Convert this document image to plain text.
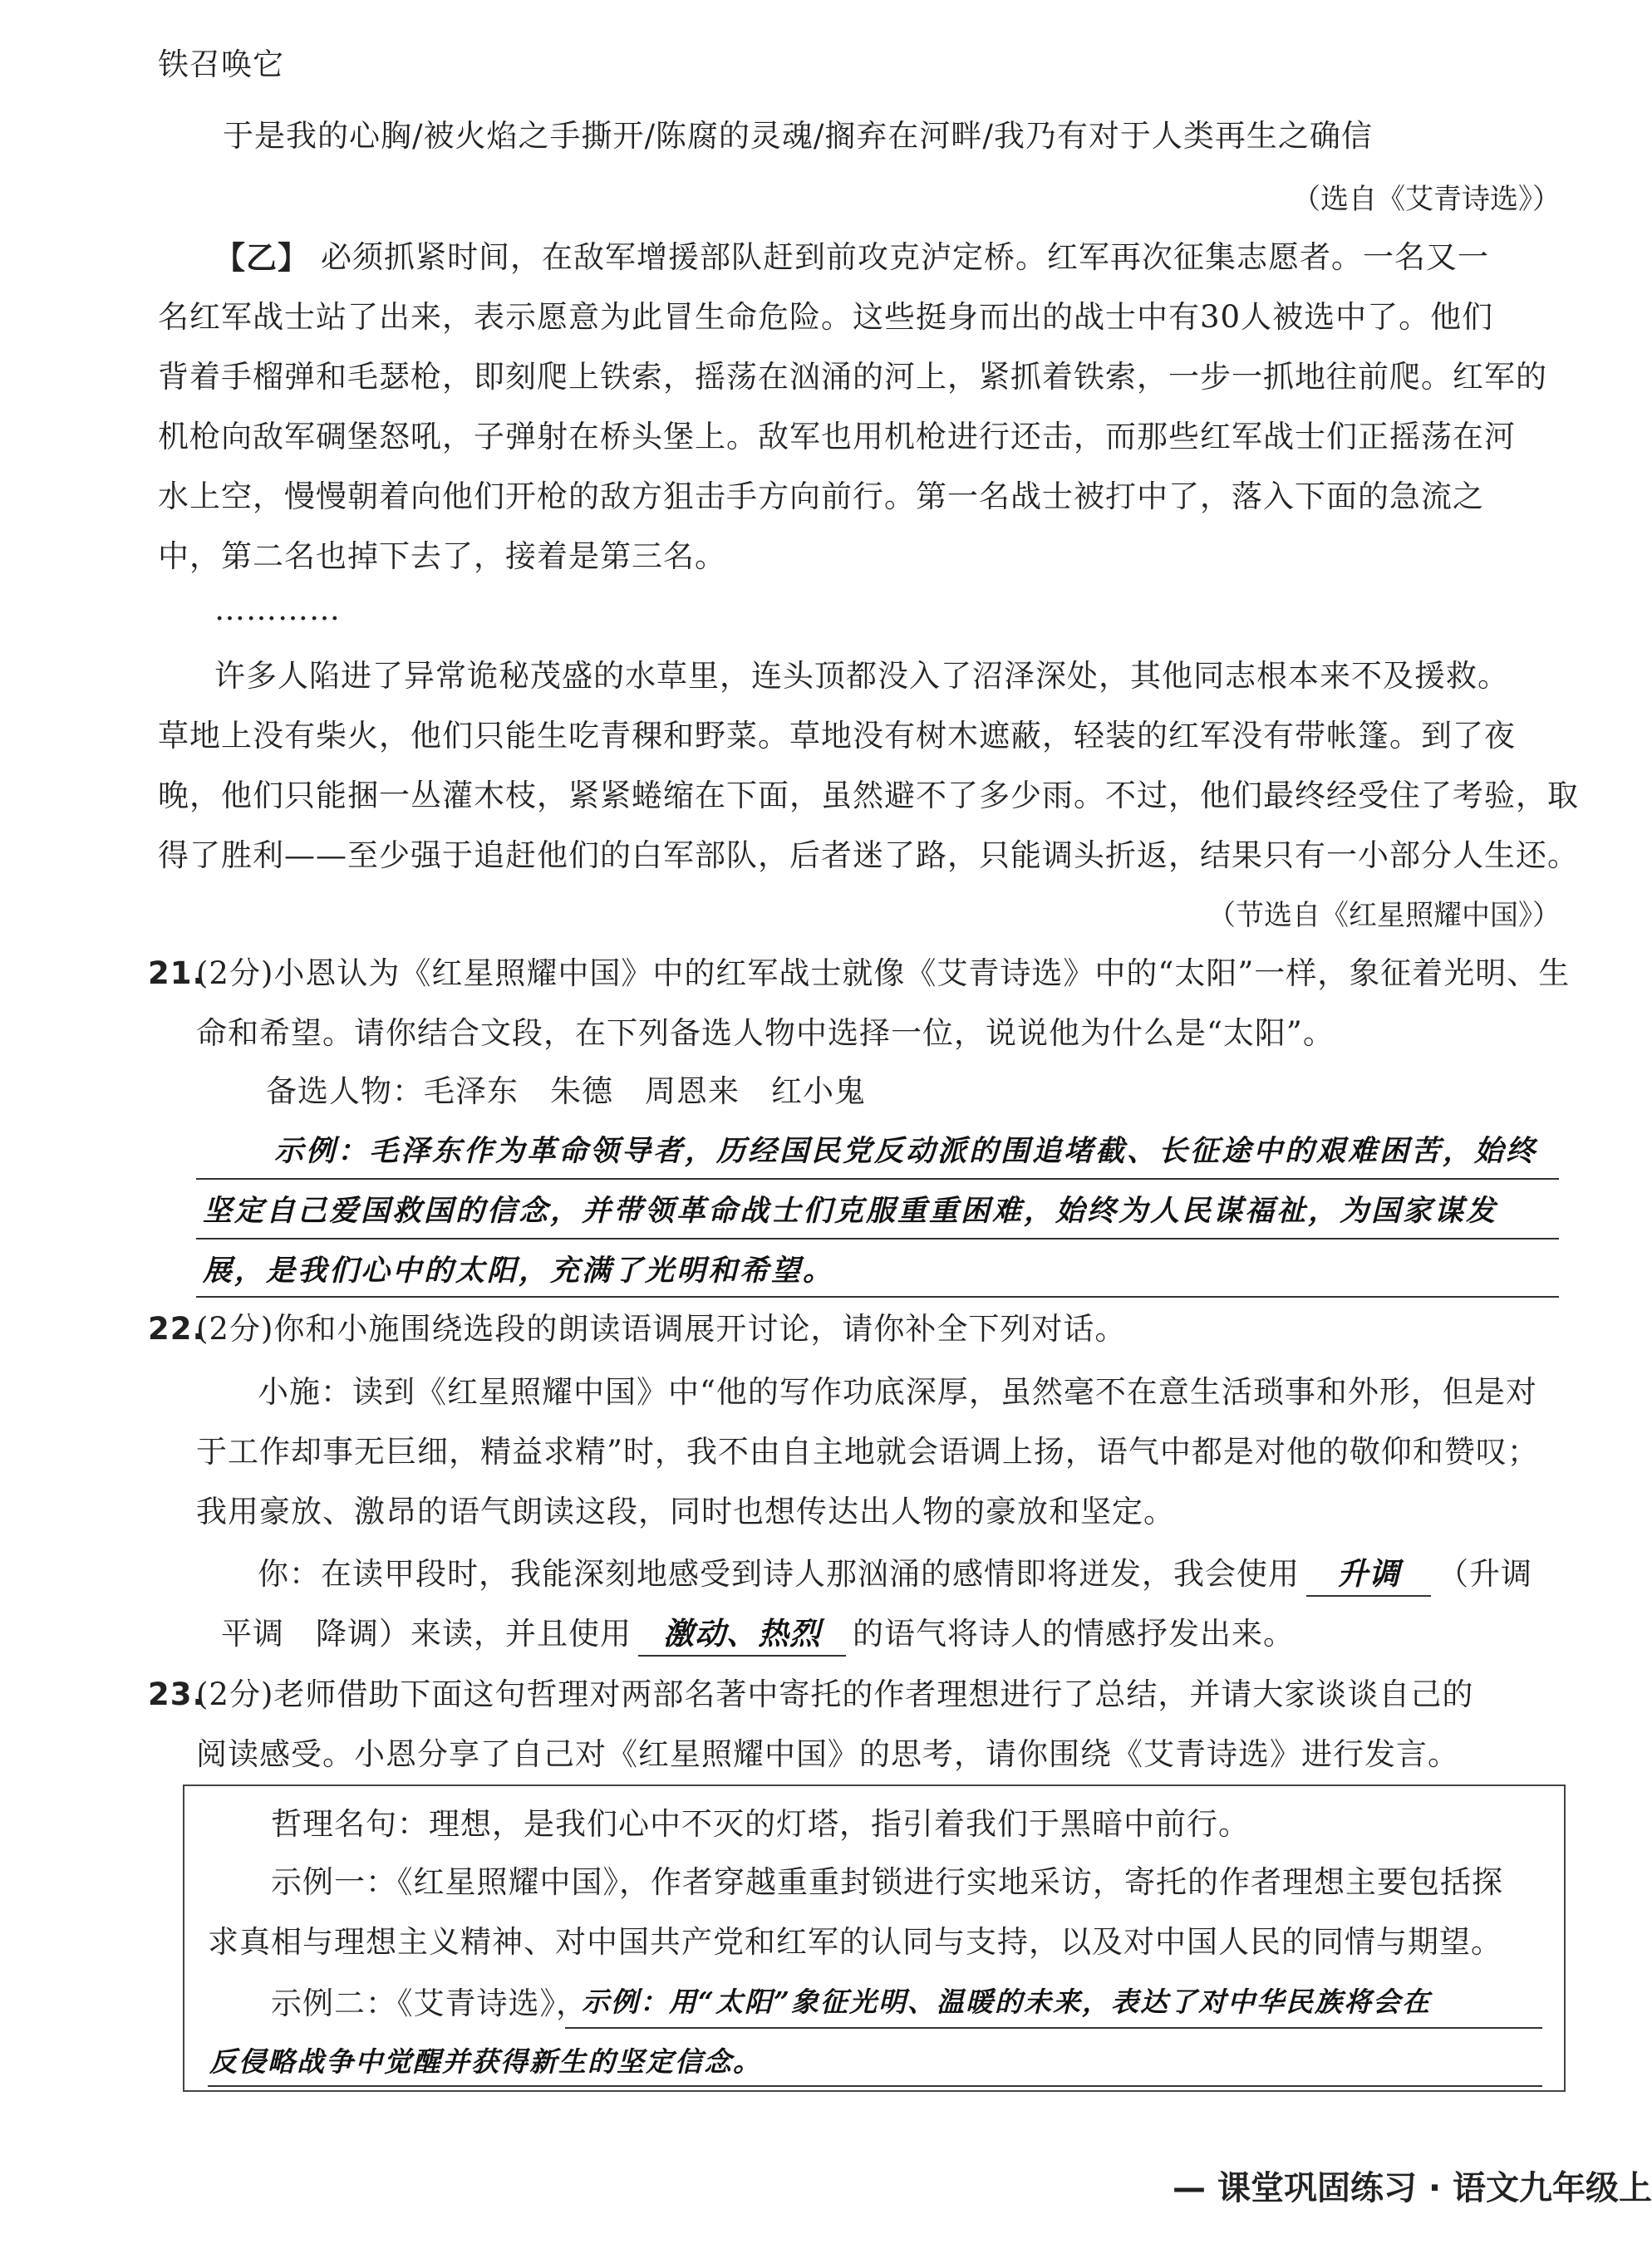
铁召唤它
于是我的心胸/被火焰之手撕开/陈腐的灵魂/搁弃在河畔/我乃有对于人类再生之确信
（选自《艾青诗选》）
【乙】 必须抓紧时间，在敌军增援部队赶到前攻克泸定桥。红军再次征集志愿者。一名又一
名红军战士站了出来，表示愿意为此冒生命危险。这些挺身而出的战士中有30人被选中了。他们
背着手榴弹和毛瑟枪，即刻爬上铁索，摇荡在汹涌的河上，紧抓着铁索，一步一抓地往前爬。红军的
机枪向敌军碉堡怒吼，子弹射在桥头堡上。敌军也用机枪进行还击，而那些红军战士们正摇荡在河
水上空，慢慢朝着向他们开枪的敌方狙击手方向前行。第一名战士被打中了，落入下面的急流之
中，第二名也掉下去了，接着是第三名。
…………
许多人陷进了异常诡秘茂盛的水草里，连头顶都没入了沼泽深处，其他同志根本来不及援救。
草地上没有柴火，他们只能生吃青稞和野菜。草地没有树木遮蔽，轻装的红军没有带帐篷。到了夜
晚，他们只能捆一丛灌木枝，紧紧蜷缩在下面，虽然避不了多少雨。不过，他们最终经受住了考验，取
得了胜利——至少强于追赶他们的白军部队，后者迷了路，只能调头折返，结果只有一小部分人生还。
（节选自《红星照耀中国》）
21.
(2分)小恩认为《红星照耀中国》中的红军战士就像《艾青诗选》中的“太阳”一样，象征着光明、生
命和希望。请你结合文段，在下列备选人物中选择一位，说说他为什么是“太阳”。
备选人物：毛泽东　朱德　周恩来　红小鬼
示例：毛泽东作为革命领导者，历经国民党反动派的围追堵截、长征途中的艰难困苦，始终
坚定自己爱国救国的信念，并带领革命战士们克服重重困难，始终为人民谋福祉，为国家谋发
展，是我们心中的太阳，充满了光明和希望。
22.
(2分)你和小施围绕选段的朗读语调展开讨论，请你补全下列对话。
小施：读到《红星照耀中国》中“他的写作功底深厚，虽然毫不在意生活琐事和外形，但是对
于工作却事无巨细，精益求精”时，我不由自主地就会语调上扬，语气中都是对他的敬仰和赞叹；
我用豪放、激昂的语气朗读这段，同时也想传达出人物的豪放和坚定。
你：在读甲段时，我能深刻地感受到诗人那汹涌的感情即将迸发，我会使用 升调 （升调
平调　降调）来读，并且使用 激动、热烈 的语气将诗人的情感抒发出来。
23.
(2分)老师借助下面这句哲理对两部名著中寄托的作者理想进行了总结，并请大家谈谈自己的
阅读感受。小恩分享了自己对《红星照耀中国》的思考，请你围绕《艾青诗选》进行发言。
哲理名句：理想，是我们心中不灭的灯塔，指引着我们于黑暗中前行。
示例一：《红星照耀中国》，作者穿越重重封锁进行实地采访，寄托的作者理想主要包括探
求真相与理想主义精神、对中国共产党和红军的认同与支持，以及对中国人民的同情与期望。
示例二：《艾青诗选》，
示例：用“太阳”象征光明、温暖的未来，表达了对中华民族将会在
反侵略战争中觉醒并获得新生的坚定信念。
— 课堂巩固练习 · 语文九年级上
